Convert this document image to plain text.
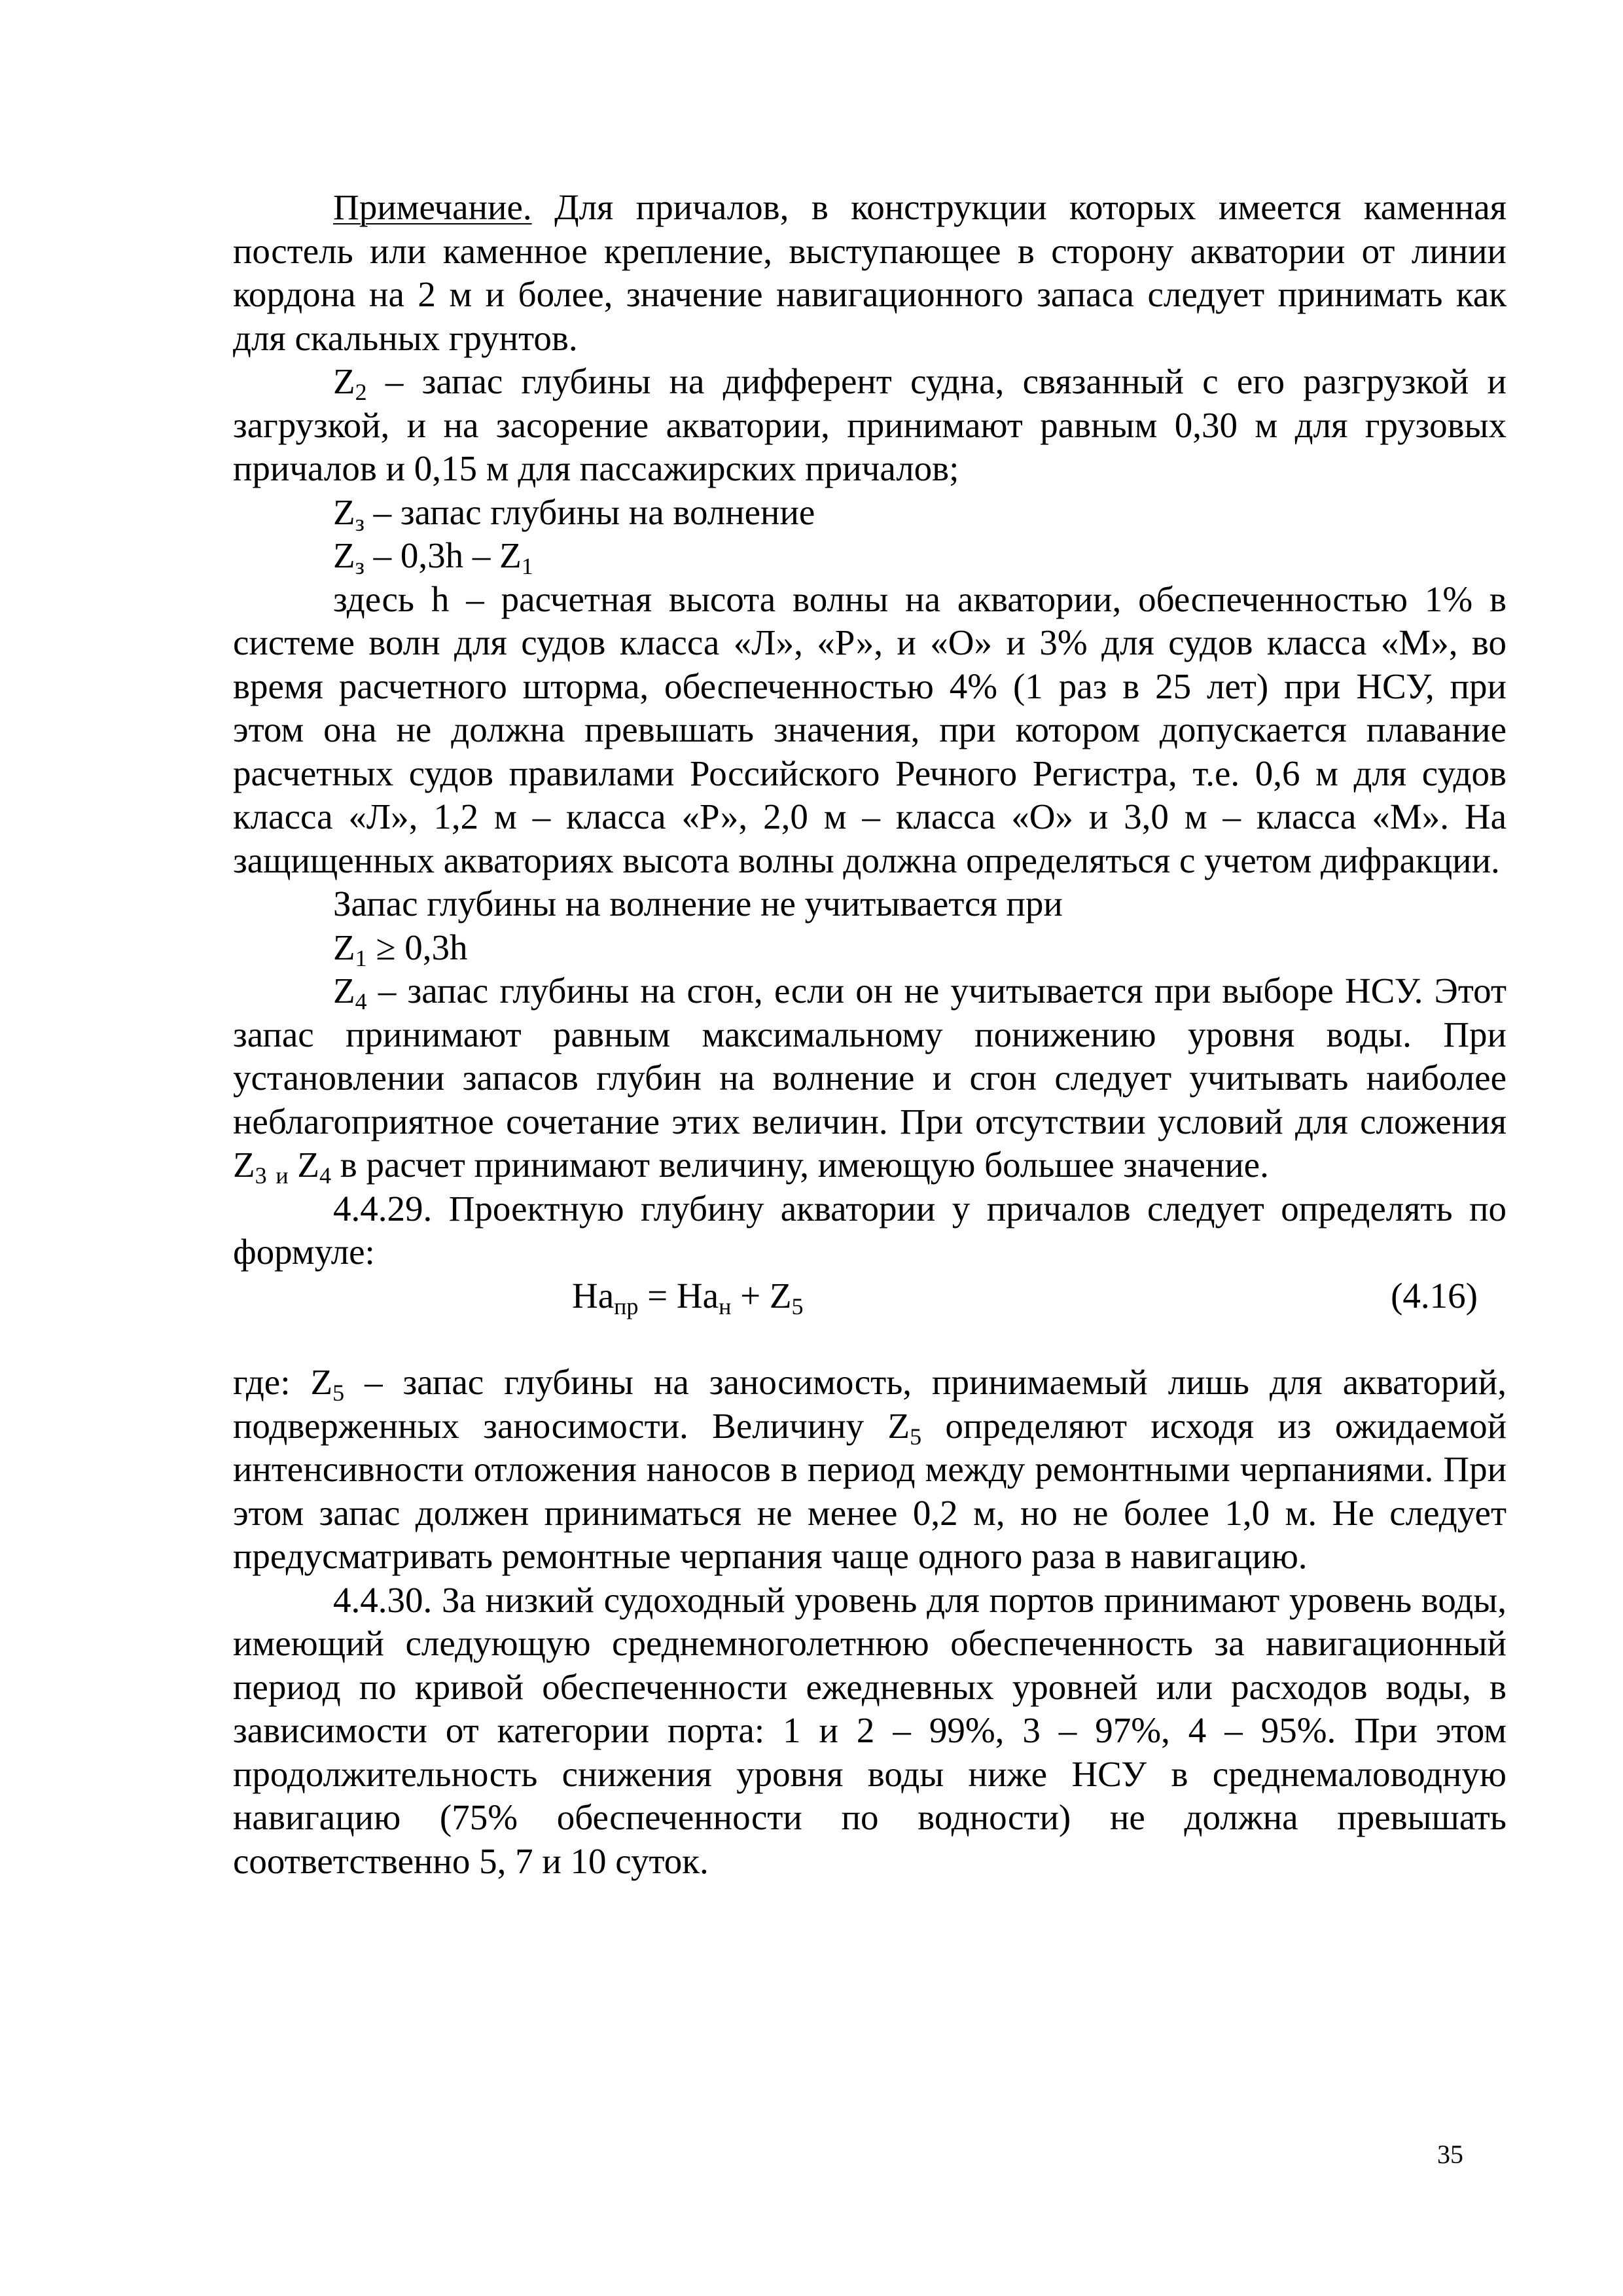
Примечание. Для причалов, в конструкции которых имеется каменная постель или каменное крепление, выступающее в сторону акватории от линии кордона на 2 м и более, значение навигационного запаса следует принимать как для скальных грунтов.

$Z_2$ – запас глубины на дифферент судна, связанный с его разгрузкой и загрузкой, и на засорение акватории, принимают равным 0,30 м для грузовых причалов и 0,15 м для пассажирских причалов;

$Z_з$ – запас глубины на волнение

$Z_з - 0,3h - Z_1$

здесь h – расчетная высота волны на акватории, обеспеченностью 1% в системе волн для судов класса «Л», «Р», и «О» и 3% для судов класса «М», во время расчетного шторма, обеспеченностью 4% (1 раз в 25 лет) при НСУ, при этом она не должна превышать значения, при котором допускается плавание расчетных судов правилами Российского Речного Регистра, т.е. 0,6 м для судов класса «Л», 1,2 м – класса «Р», 2,0 м – класса «О» и 3,0 м – класса «М». На защищенных акваториях высота волны должна определяться с учетом дифракции.

Запас глубины на волнение не учитывается при

$Z_1 \ge 0,3h$

$Z_4$ – запас глубины на сгон, если он не учитывается при выборе НСУ. Этот запас принимают равным максимальному понижению уровня воды. При установлении запасов глубин на волнение и сгон следует учитывать наиболее неблагоприятное сочетание этих величин. При отсутствии условий для сложения $Z_3$ $_и$ $Z_4$ в расчет принимают величину, имеющую большее значение.

4.4.29. Проектную глубину акватории у причалов следует определять по формуле:

$Ha_{пр} = Ha_н + Z_5$	(4.16)

где: $Z_5$ – запас глубины на заносимость, принимаемый лишь для акваторий, подверженных заносимости. Величину $Z_5$ определяют исходя из ожидаемой интенсивности отложения наносов в период между ремонтными черпаниями. При этом запас должен приниматься не менее 0,2 м, но не более 1,0 м. Не следует предусматривать ремонтные черпания чаще одного раза в навигацию.

4.4.30. За низкий судоходный уровень для портов принимают уровень воды, имеющий следующую среднемноголетнюю обеспеченность за навигационный период по кривой обеспеченности ежедневных уровней или расходов воды, в зависимости от категории порта: 1 и 2 – 99%, 3 – 97%, 4 – 95%. При этом продолжительность снижения уровня воды ниже НСУ в среднемаловодную навигацию (75% обеспеченности по водности) не должна превышать соответственно 5, 7 и 10 суток.

35
